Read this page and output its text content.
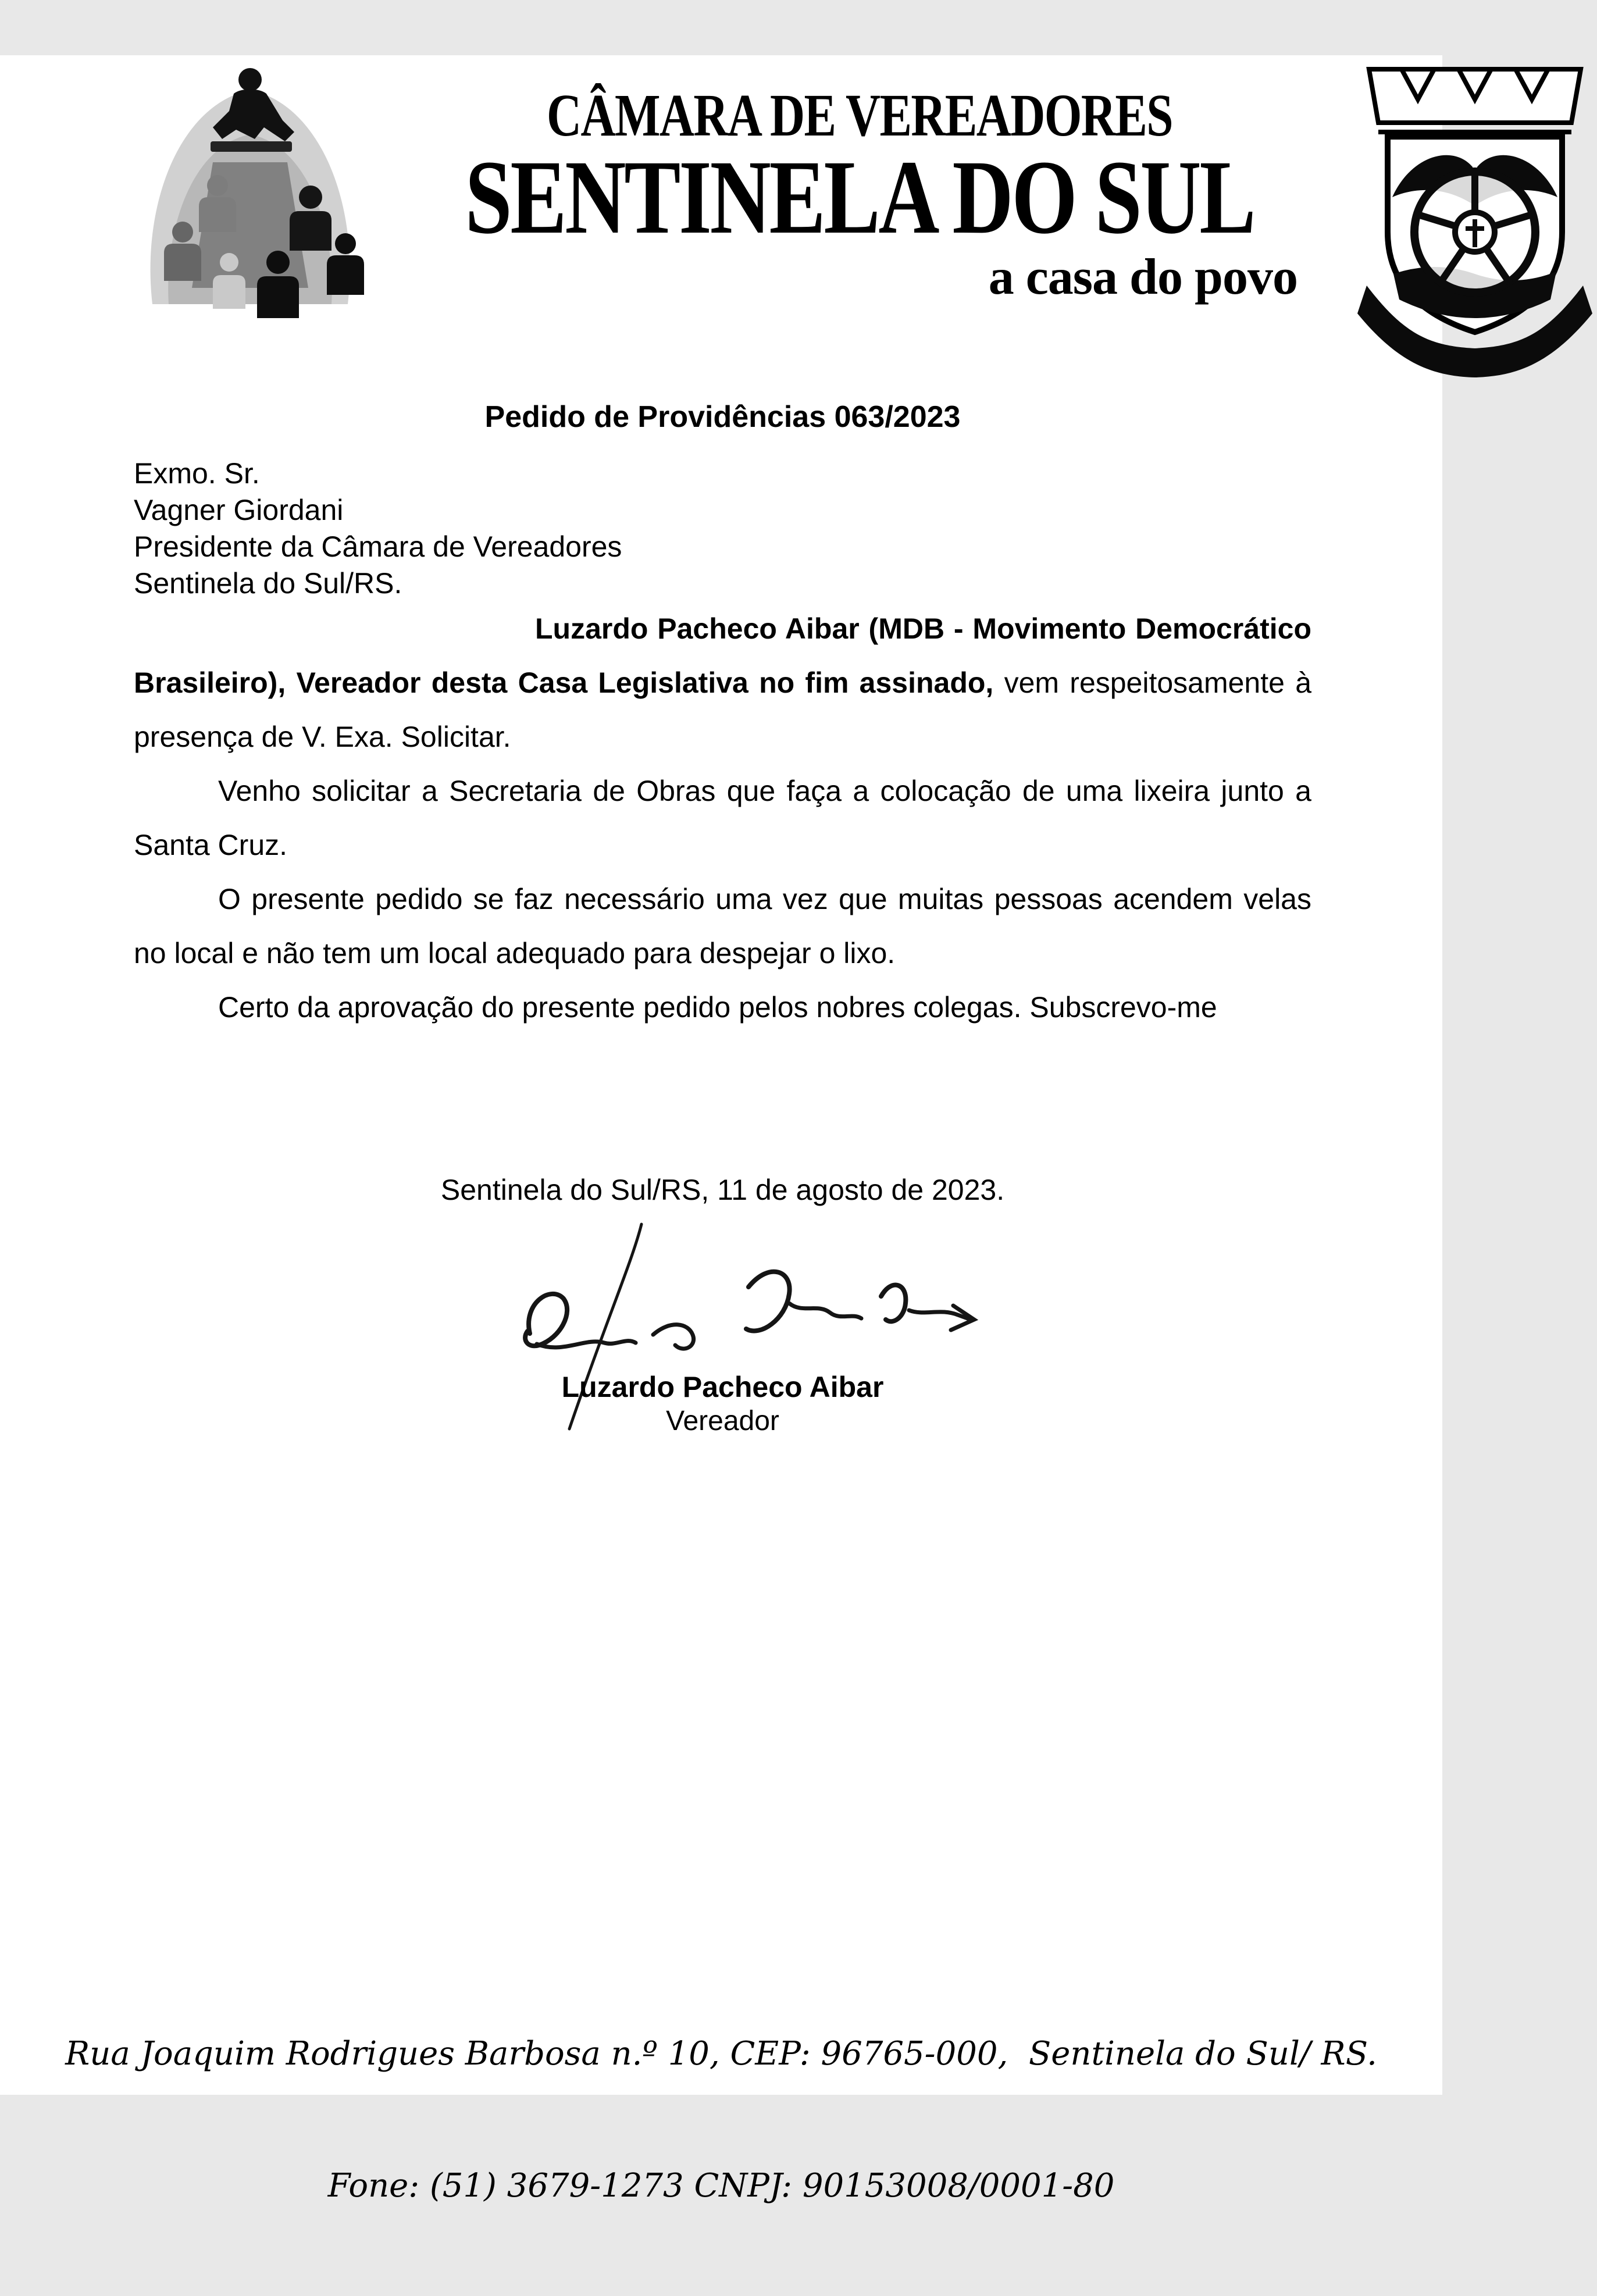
CÂMARA DE VEREADORES
SENTINELA DO SUL
a casa do povo
Pedido de Providências 063/2023
Exmo. Sr.
Vagner Giordani
Presidente da Câmara de Vereadores
Sentinela do Sul/RS.

Luzardo Pacheco Aibar (MDB - Movimento Democrático Brasileiro), Vereador desta Casa Legislativa no fim assinado, vem respeitosamente à presença de V. Exa. Solicitar.

Venho solicitar a Secretaria de Obras que faça a colocação de uma lixeira junto a Santa Cruz.

O presente pedido se faz necessário uma vez que muitas pessoas acendem velas no local e não tem um local adequado para despejar o lixo.

Certo da aprovação do presente pedido pelos nobres colegas. Subscrevo-me

Sentinela do Sul/RS, 11 de agosto de 2023.
Luzardo Pacheco Aibar
Vereador

Rua Joaquim Rodrigues Barbosa n.º 10, CEP: 96765-000,  Sentinela do Sul/ RS.

Fone: (51) 3679-1273 CNPJ: 90153008/0001-80
